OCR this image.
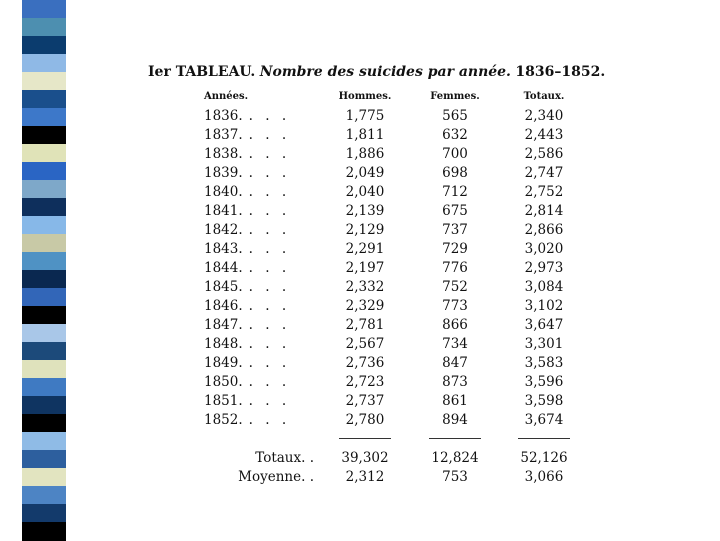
Ier TABLEAU. Nombre des suicides par année. 1836–1852.
Années.	Hommes.	Femmes.	Totaux.
1836. . . .	1,775	565	2,340
1837. . . .	1,811	632	2,443
1838. . . .	1,886	700	2,586
1839. . . .	2,049	698	2,747
1840. . . .	2,040	712	2,752
1841. . . .	2,139	675	2,814
1842. . . .	2,129	737	2,866
1843. . . .	2,291	729	3,020
1844. . . .	2,197	776	2,973
1845. . . .	2,332	752	3,084
1846. . . .	2,329	773	3,102
1847. . . .	2,781	866	3,647
1848. . . .	2,567	734	3,301
1849. . . .	2,736	847	3,583
1850. . . .	2,723	873	3,596
1851. . . .	2,737	861	3,598
1852. . . .	2,780	894	3,674

Totaux. .	39,302	12,824	52,126
Moyenne. .	2,312	753	3,066
